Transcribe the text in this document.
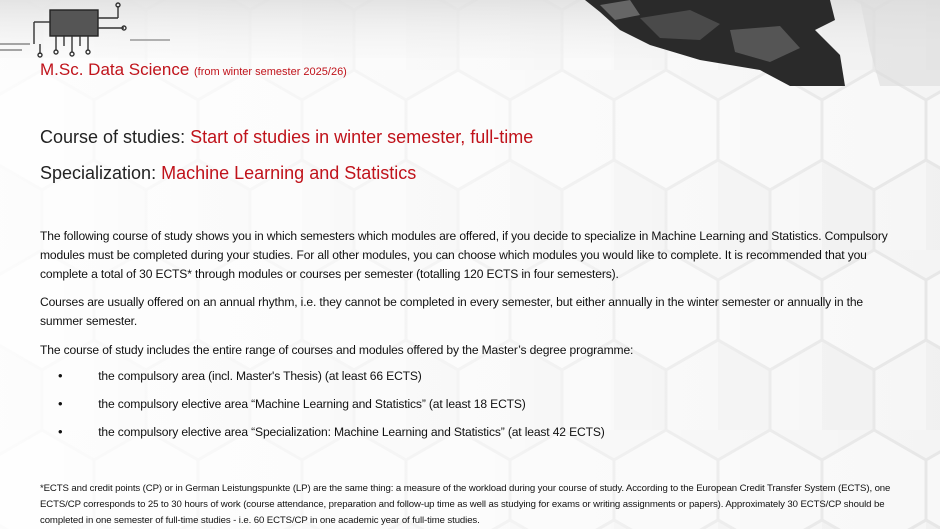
M.Sc. Data Science (from winter semester 2025/26)
Course of studies: Start of studies in winter semester, full-time
Specialization: Machine Learning and Statistics

The following course of study shows you in which semesters which modules are offered, if you decide to specialize in Machine Learning and Statistics. Compulsory modules must be completed during your studies. For all other modules, you can choose which modules you would like to complete. It is recommended that you complete a total of 30 ECTS* through modules or courses per semester (totalling 120 ECTS in four semesters).

Courses are usually offered on an annual rhythm, i.e. they cannot be completed in every semester, but either annually in the winter semester or annually in the summer semester.

The course of study includes the entire range of courses and modules offered by the Master’s degree programme:

•	the compulsory area (incl. Master's Thesis) (at least 66 ECTS)
•	the compulsory elective area “Machine Learning and Statistics” (at least 18 ECTS)
•	the compulsory elective area “Specialization: Machine Learning and Statistics” (at least 42 ECTS)

*ECTS and credit points (CP) or in German Leistungspunkte (LP) are the same thing: a measure of the workload during your course of study. According to the European Credit Transfer System (ECTS), one ECTS/CP corresponds to 25 to 30 hours of work (course attendance, preparation and follow-up time as well as studying for exams or writing assignments or papers). Approximately 30 ECTS/CP should be completed in one semester of full-time studies - i.e. 60 ECTS/CP in one academic year of full-time studies.
